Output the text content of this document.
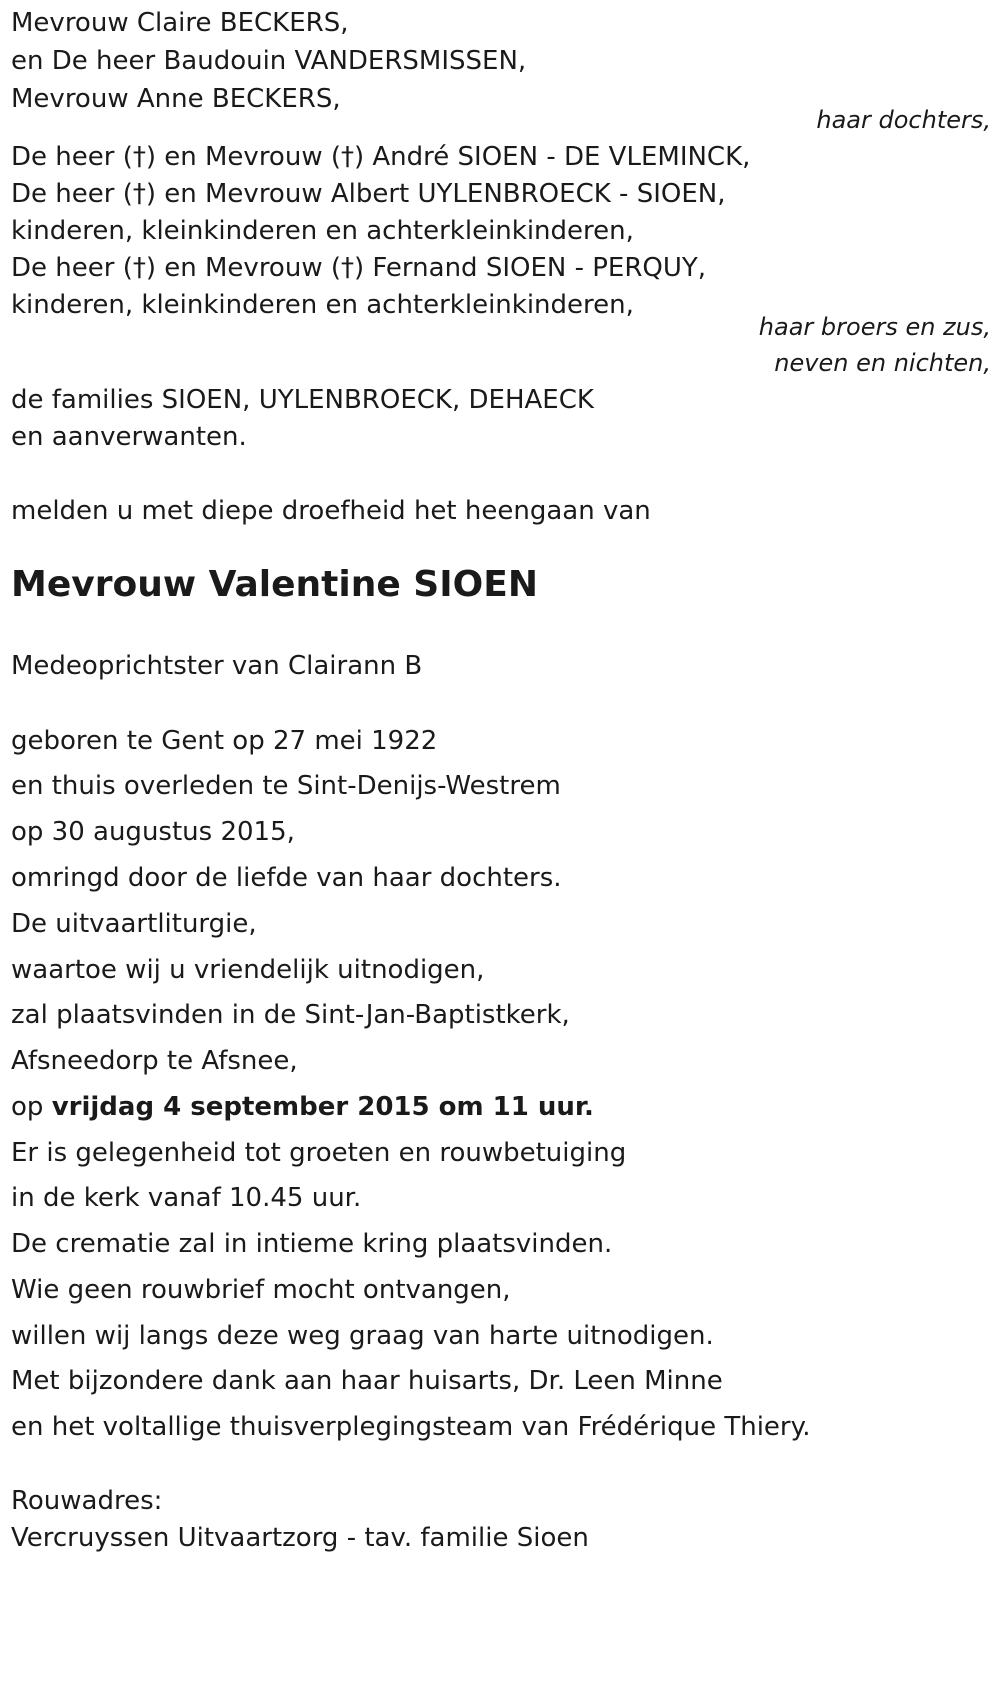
Mevrouw Claire BECKERS,
en De heer Baudouin VANDERSMISSEN,
Mevrouw Anne BECKERS,
haar dochters,
De heer (†) en Mevrouw (†) André SIOEN - DE VLEMINCK,
De heer (†) en Mevrouw Albert UYLENBROECK - SIOEN,
kinderen, kleinkinderen en achterkleinkinderen,
De heer (†) en Mevrouw (†) Fernand SIOEN - PERQUY,
kinderen, kleinkinderen en achterkleinkinderen,
haar broers en zus,
neven en nichten,
de families SIOEN, UYLENBROECK, DEHAECK
en aanverwanten.
melden u met diepe droefheid het heengaan van
Mevrouw Valentine SIOEN
Medeoprichtster van Clairann B
geboren te Gent op 27 mei 1922
en thuis overleden te Sint-Denijs-Westrem
op 30 augustus 2015,
omringd door de liefde van haar dochters.
De uitvaartliturgie,
waartoe wij u vriendelijk uitnodigen,
zal plaatsvinden in de Sint-Jan-Baptistkerk,
Afsneedorp te Afsnee,
op vrijdag 4 september 2015 om 11 uur.
Er is gelegenheid tot groeten en rouwbetuiging
in de kerk vanaf 10.45 uur.
De crematie zal in intieme kring plaatsvinden.
Wie geen rouwbrief mocht ontvangen,
willen wij langs deze weg graag van harte uitnodigen.
Met bijzondere dank aan haar huisarts, Dr. Leen Minne
en het voltallige thuisverplegingsteam van Frédérique Thiery.
Rouwadres:
Vercruyssen Uitvaartzorg - tav. familie Sioen
